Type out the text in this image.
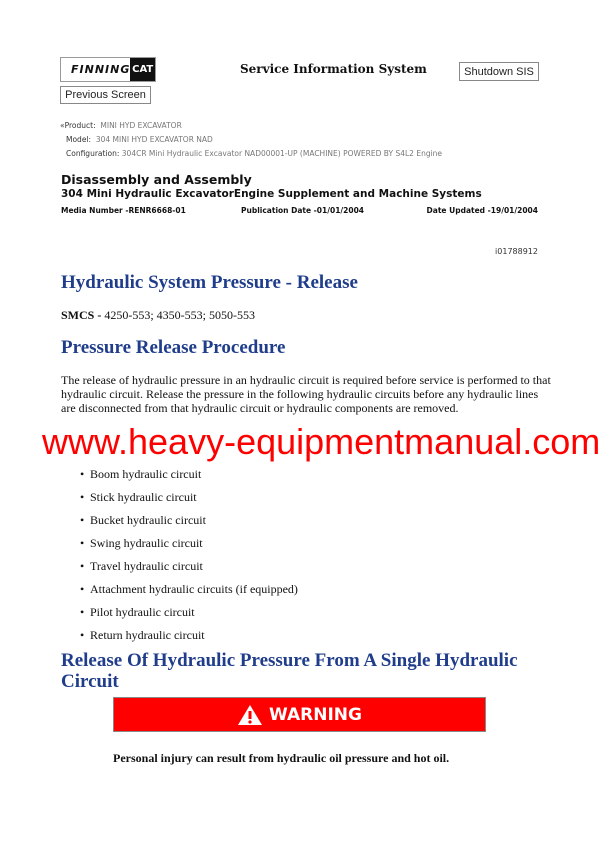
FINNING CAT	Service Information System	Shutdown SIS
Previous Screen
«Product: MINI HYD EXCAVATOR
Model: 304 MINI HYD EXCAVATOR NAD
Configuration: 304CR Mini Hydraulic Excavator NAD00001-UP (MACHINE) POWERED BY S4L2 Engine
Disassembly and Assembly
304 Mini Hydraulic ExcavatorEngine Supplement and Machine Systems
Media Number -RENR6668-01	Publication Date -01/01/2004	Date Updated -19/01/2004
i01788912
Hydraulic System Pressure - Release
SMCS - 4250-553; 4350-553; 5050-553
Pressure Release Procedure
The release of hydraulic pressure in an hydraulic circuit is required before service is performed to that hydraulic circuit. Release the pressure in the following hydraulic circuits before any hydraulic lines are disconnected from that hydraulic circuit or hydraulic components are removed.
www.heavy-equipmentmanual.com
• Boom hydraulic circuit
• Stick hydraulic circuit
• Bucket hydraulic circuit
• Swing hydraulic circuit
• Travel hydraulic circuit
• Attachment hydraulic circuits (if equipped)
• Pilot hydraulic circuit
• Return hydraulic circuit
Release Of Hydraulic Pressure From A Single Hydraulic Circuit
WARNING
Personal injury can result from hydraulic oil pressure and hot oil.
